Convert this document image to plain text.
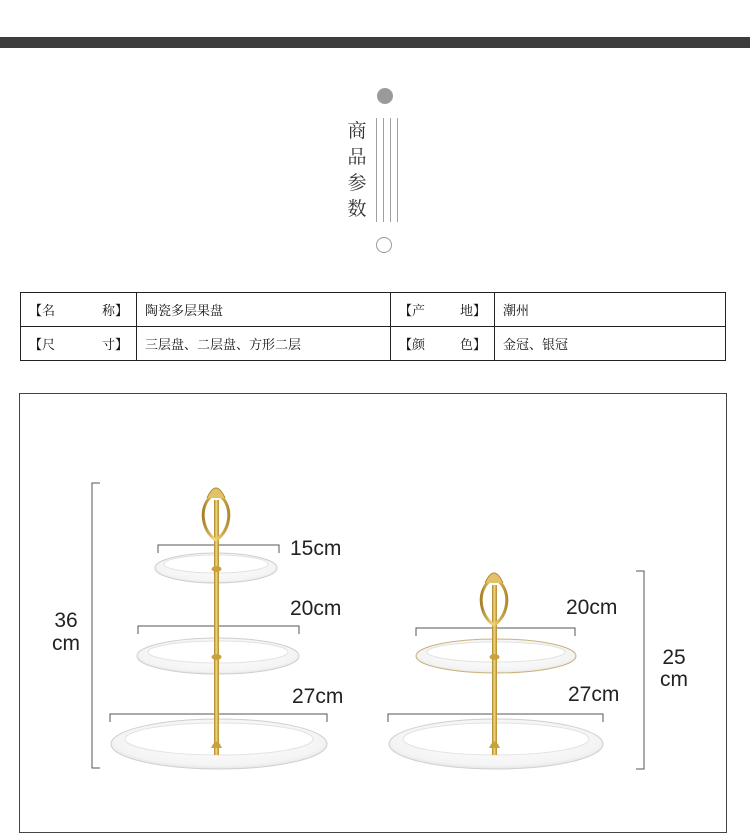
商品参数
【名 称】	陶瓷多层果盘	【产 地】	潮州

【尺 寸】	三层盘、二层盘、方形二层	【颜 色】	金冠、银冠
15cm
20cm
27cm
36
cm
20cm
27cm
25
cm
